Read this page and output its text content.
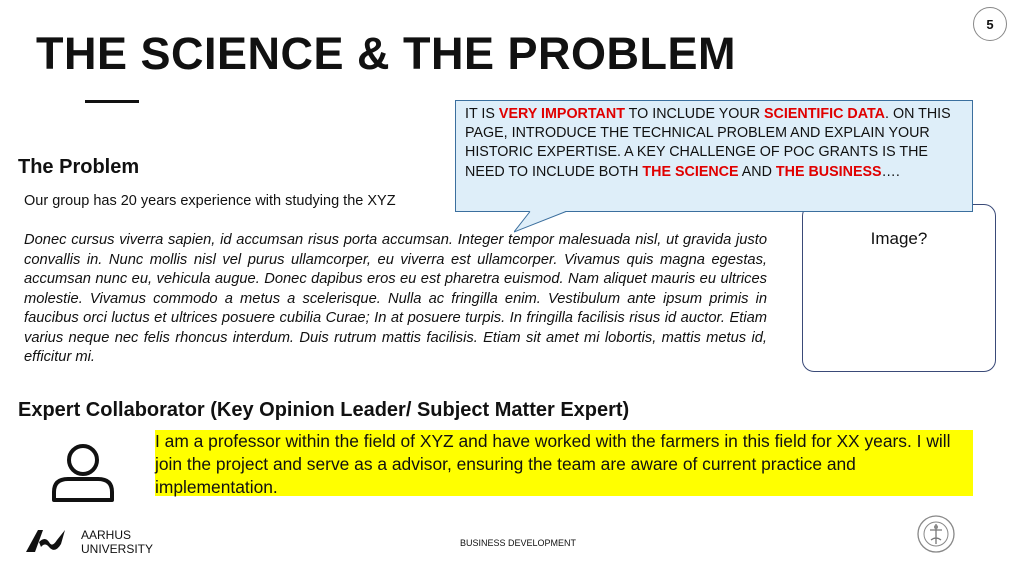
5
THE SCIENCE & THE PROBLEM
The Problem
Our group has 20 years experience with studying the XYZ

Donec cursus viverra sapien, id accumsan risus porta accumsan. Integer tempor malesuada nisl, ut gravida justo convallis in. Nunc mollis nisl vel purus ullamcorper, eu viverra est ullamcorper. Vivamus quis magna egestas, accumsan nunc eu, vehicula augue. Donec dapibus eros eu est pharetra euismod. Nam aliquet mauris eu ultrices molestie. Vivamus commodo a metus a scelerisque. Nulla ac fringilla enim. Vestibulum ante ipsum primis in faucibus orci luctus et ultrices posuere cubilia Curae; In at posuere turpis. In fringilla facilisis risus id auctor. Etiam varius neque nec felis rhoncus interdum. Duis rutrum mattis facilisis. Etiam sit amet mi lobortis, mattis metus id, efficitur mi.

Image?
IT IS VERY IMPORTANT TO INCLUDE YOUR SCIENTIFIC DATA. ON THIS PAGE, INTRODUCE THE TECHNICAL PROBLEM AND EXPLAIN YOUR HISTORIC EXPERTISE. A KEY CHALLENGE OF POC GRANTS IS THE NEED TO INCLUDE BOTH THE SCIENCE AND THE BUSINESS….
Expert Collaborator (Key Opinion Leader/ Subject Matter Expert)
I am a professor within the field of XYZ and have worked with the farmers in this field for XX years. I will join the project and serve as a advisor, ensuring the team are aware of current practice and implementation.
AARHUS
UNIVERSITY	BUSINESS DEVELOPMENT
